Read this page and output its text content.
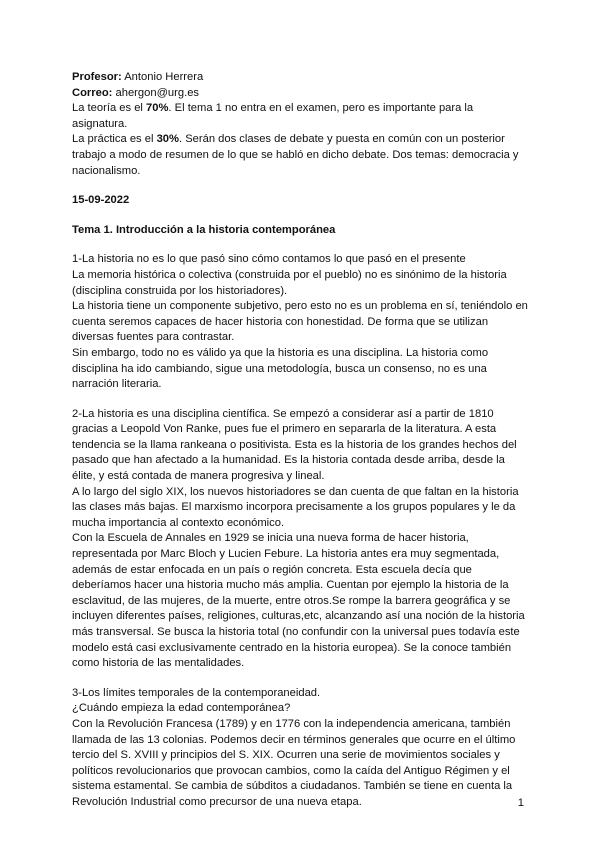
Profesor: Antonio Herrera

Correo: ahergon@urg.es

La teoría es el 70%. El tema 1 no entra en el examen, pero es importante para la asignatura.

La práctica es el 30%. Serán dos clases de debate y puesta en común con un posterior trabajo a modo de resumen de lo que se habló en dicho debate. Dos temas: democracia y nacionalismo.

15-09-2022

Tema 1. Introducción a la historia contemporánea

1-La historia no es lo que pasó sino cómo contamos lo que pasó en el presente

La memoria histórica o colectiva (construida por el pueblo) no es sinónimo de la historia (disciplina construida por los historiadores).

La historia tiene un componente subjetivo, pero esto no es un problema en sí, teniéndolo en cuenta seremos capaces de hacer historia con honestidad. De forma que se utilizan diversas fuentes para contrastar.

Sin embargo, todo no es válido ya que la historia es una disciplina. La historia como disciplina ha ido cambiando, sigue una metodología, busca un consenso, no es una narración literaria.

2-La historia es una disciplina científica. Se empezó a considerar así a partir de 1810 gracias a Leopold Von Ranke, pues fue el primero en separarla de la literatura. A esta tendencia se la llama rankeana o positivista. Esta es la historia de los grandes hechos del pasado que han afectado a la humanidad. Es la historia contada desde arriba, desde la élite, y está contada de manera progresiva y lineal.

A lo largo del siglo XIX, los nuevos historiadores se dan cuenta de que faltan en la historia las clases más bajas. El marxismo incorpora precisamente a los grupos populares y le da mucha importancia al contexto económico.

Con la Escuela de Annales en 1929 se inicia una nueva forma de hacer historia, representada por Marc Bloch y Lucien Febure. La historia antes era muy segmentada, además de estar enfocada en un país o región concreta. Esta escuela decía que deberíamos hacer una historia mucho más amplia. Cuentan por ejemplo la historia de la esclavitud, de las mujeres, de la muerte, entre otros.Se rompe la barrera geográfica y se incluyen diferentes países, religiones, culturas,etc, alcanzando así una noción de la historia más transversal. Se busca la historia total (no confundir con la universal pues todavía este modelo está casi exclusivamente centrado en la historia europea). Se la conoce también como historia de las mentalidades.

3-Los límites temporales de la contemporaneidad.

¿Cuándo empieza la edad contemporánea?

Con la Revolución Francesa (1789) y en 1776 con la independencia americana, también llamada de las 13 colonias. Podemos decir en términos generales que ocurre en el último tercio del S. XVIII y principios del S. XIX. Ocurren una serie de movimientos sociales y políticos revolucionarios que provocan cambios, como la caída del Antiguo Régimen y el sistema estamental. Se cambia de súbditos a ciudadanos. También se tiene en cuenta la Revolución Industrial como precursor de una nueva etapa.	1
